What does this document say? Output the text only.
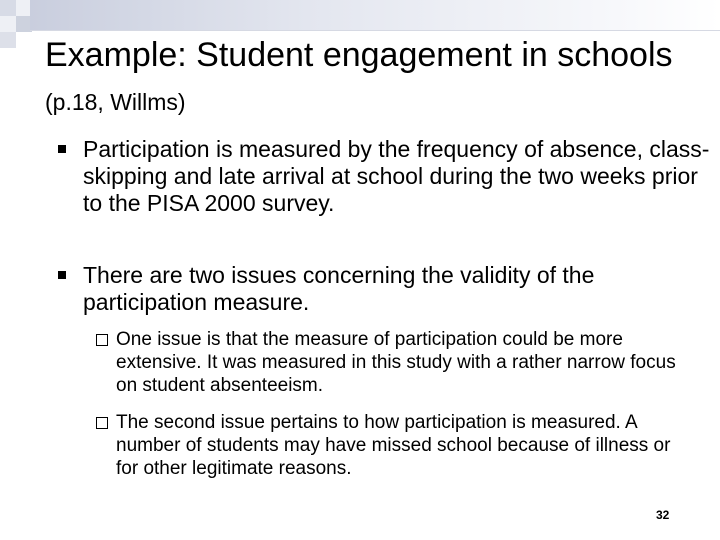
Example: Student engagement in schools (p.18, Willms)
Participation is measured by the frequency of absence, class-skipping and late arrival at school during the two weeks prior to the PISA 2000 survey.
There are two issues concerning the validity of the participation measure.
One issue is that the measure of participation could be more extensive. It was measured in this study with a rather narrow focus on student absenteeism.
The second issue pertains to how participation is measured. A number of students may have missed school because of illness or for other legitimate reasons.
32
